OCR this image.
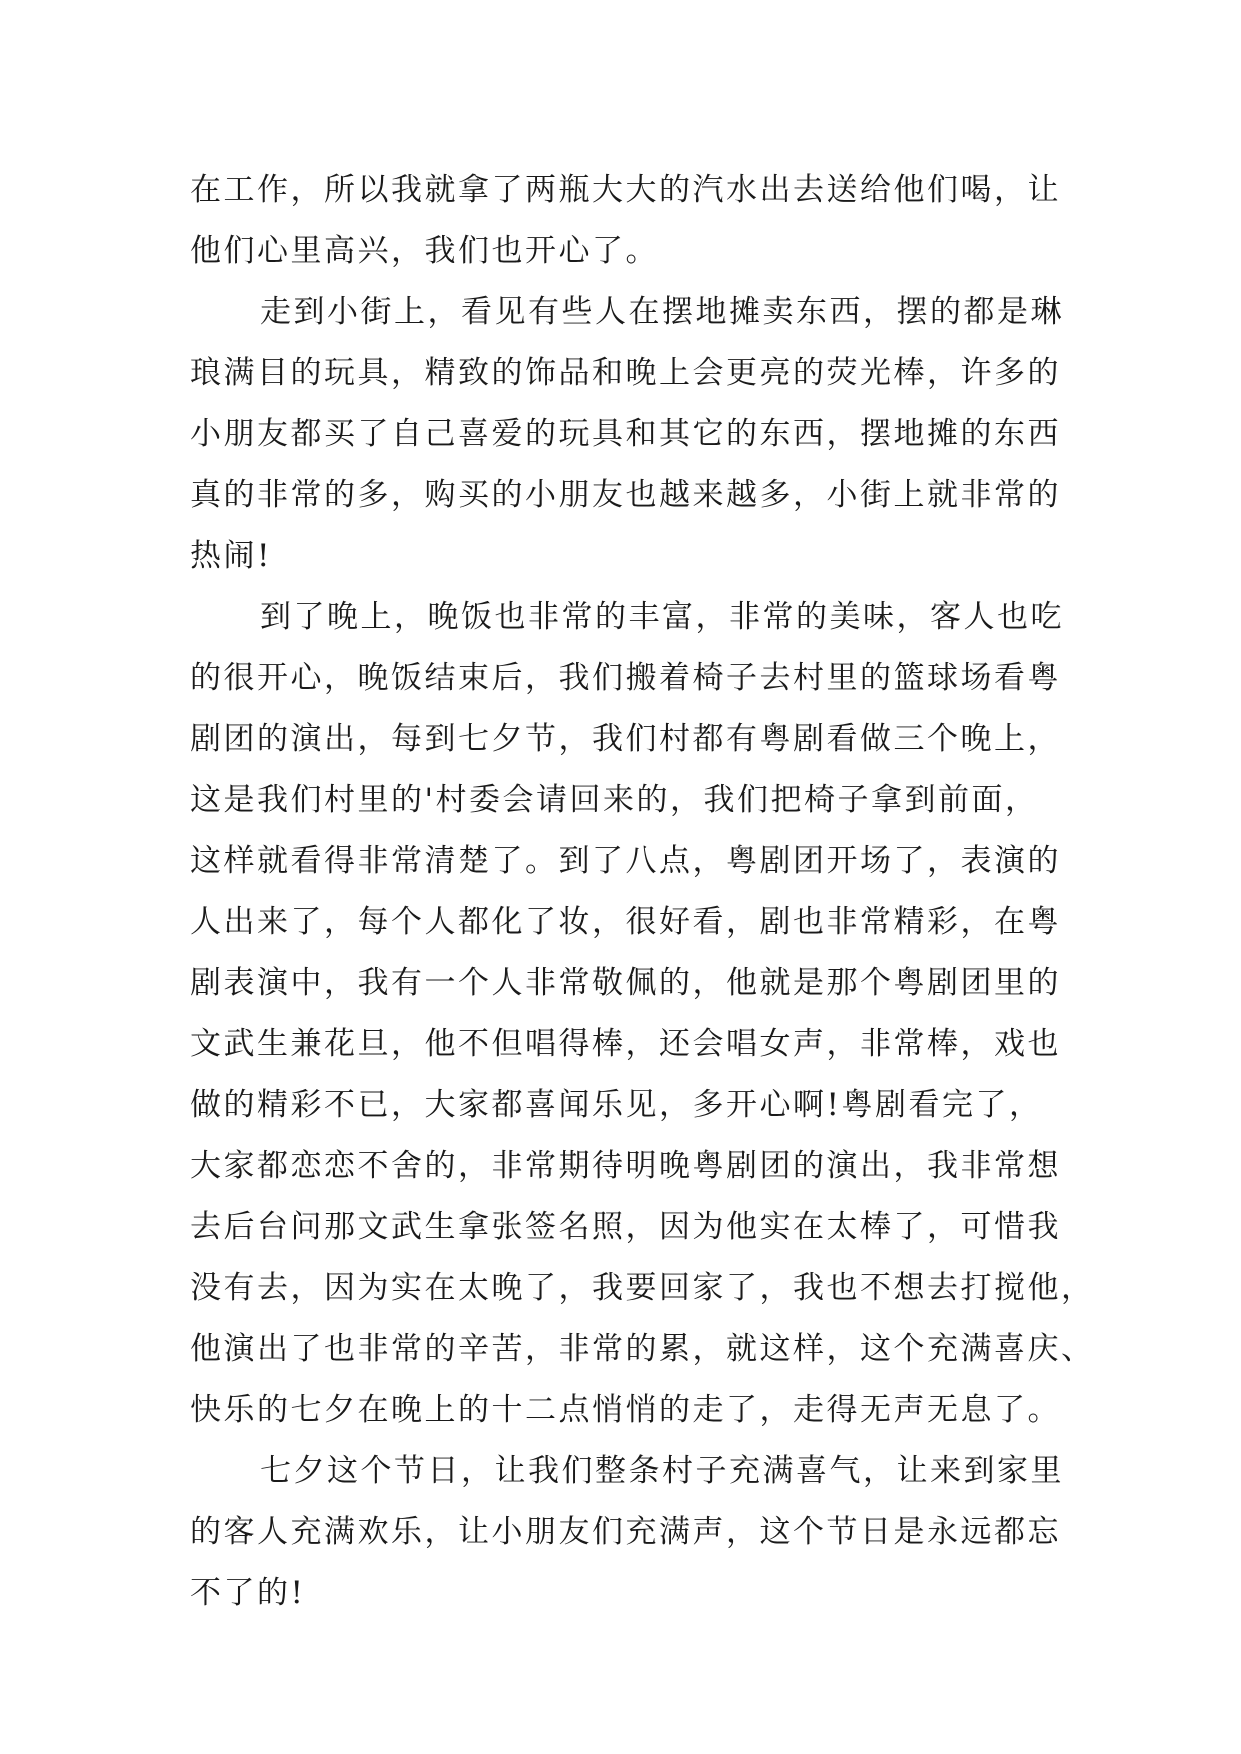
在工作，所以我就拿了两瓶大大的汽水出去送给他们喝，让
他们心里高兴，我们也开心了。
走到小街上，看见有些人在摆地摊卖东西，摆的都是琳
琅满目的玩具，精致的饰品和晚上会更亮的荧光棒，许多的
小朋友都买了自己喜爱的玩具和其它的东西，摆地摊的东西
真的非常的多，购买的小朋友也越来越多，小街上就非常的
热闹!
到了晚上，晚饭也非常的丰富，非常的美味，客人也吃
的很开心，晚饭结束后，我们搬着椅子去村里的篮球场看粤
剧团的演出，每到七夕节，我们村都有粤剧看做三个晚上，
这是我们村里的'村委会请回来的，我们把椅子拿到前面，
这样就看得非常清楚了。到了八点，粤剧团开场了，表演的
人出来了，每个人都化了妆，很好看，剧也非常精彩，在粤
剧表演中，我有一个人非常敬佩的，他就是那个粤剧团里的
文武生兼花旦，他不但唱得棒，还会唱女声，非常棒，戏也
做的精彩不已，大家都喜闻乐见，多开心啊!粤剧看完了，
大家都恋恋不舍的，非常期待明晚粤剧团的演出，我非常想
去后台问那文武生拿张签名照，因为他实在太棒了，可惜我
没有去，因为实在太晚了，我要回家了，我也不想去打搅他，
他演出了也非常的辛苦，非常的累，就这样，这个充满喜庆、
快乐的七夕在晚上的十二点悄悄的走了，走得无声无息了。
七夕这个节日，让我们整条村子充满喜气，让来到家里
的客人充满欢乐，让小朋友们充满声，这个节日是永远都忘
不了的!
